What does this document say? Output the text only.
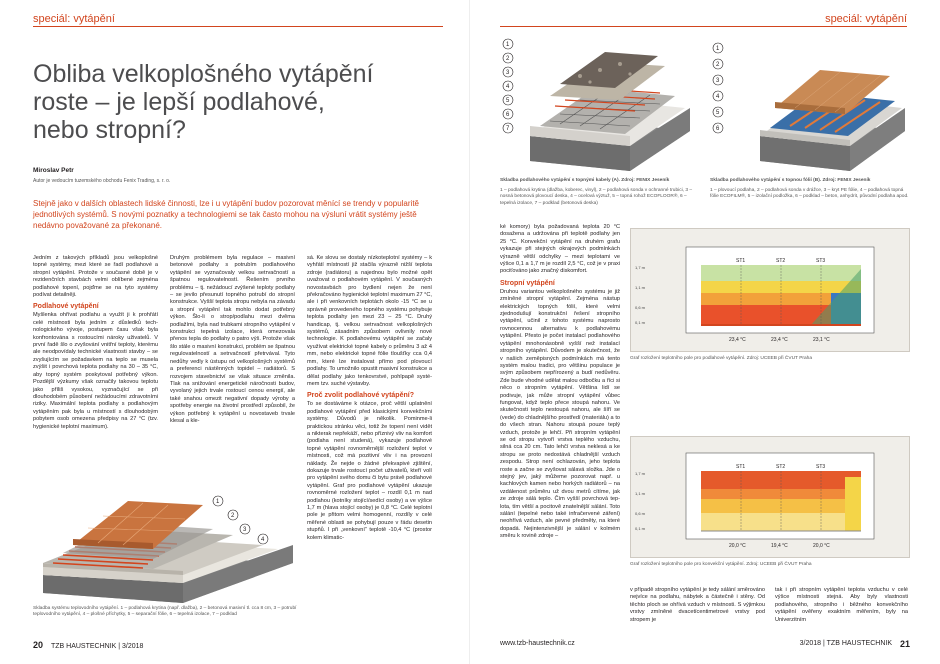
speciál: vytápění
Obliba velkoplošného vytápění
roste – je lepší podlahové,
nebo stropní?
Miroslav Petr
Autor je vedoucím tuzemského obchodu Fenix Trading, s. r. o.
Stejně jako v dalších oblastech lidské činnosti, lze i u vytápění budov pozorovat měnící se trendy v popularitě jednotlivých systémů. S novými poznatky a technologiemi se tak často mohou na výsluní vrátit systémy ještě nedávno považované za překonané.

Jedním z takových příkladů jsou velkoplošné topné systémy, mezi které se řadí podlahové a stropní vytápění. Protože v současné době je v rezidenčních stavbách velmi oblíbené zejména podlahové topení, pojďme se na tyto systémy podívat detailněji.

Podlahové vytápění

Myšlenka ohřívat podlahu a využít ji k prohřátí celé místnosti byla jedním z důsledků technologického vývoje, postupem času však byla konfrontována s rostoucími nároky uživatelů. V první řadě šlo o zvyšování vnitřní teploty, kterému ale neodpovídaly technické vlastnosti stavby – se zvyšujícím se požadavkem na teplo se musela zvýšit i povrchová teplota podlahy na 30 – 35 °C, aby topný systém poskytoval potřebný výkon. Pozdější výzkumy však označily takovou teplotu jako příliš vysokou, vyznačující se při dlouhodobém působení nežádoucími zdravotními riziky. Maximální teplota podlahy s podlahovým vytápěním pak byla u místností s dlouhodobým pobytem osob omezena předpisy na 27 °C (tzv. hygienické teplotní maximum).

Druhým problémem byla regulace – masivní betonové podlahy s potrubím podlahového vytápění se vyznačovaly velkou setrvačností a špatnou regulovatelností. Řešením prvního problému – tj. nežádoucí zvýšené teploty podlahy – se jevilo přesunutí topného potrubí do stropní konstrukce. Vyšší teplota stropu nebyla na závadu a stropní vytápění tak mohlo dodat potřebný výkon. Šlo-li o strop/podlahu mezi dvěma podlažími, byla nad trubkami stropního vytápění v konstrukci tepelná izolace, která omezovala přenos tepla do podlahy o patro výš. Protože však šlo stále o masivní konstrukci, problém se špatnou regulovatelností a setrvačností přetrvával. Tyto nedůhy vedly k ústupu od velkoplošných systémů a preferenci nástěnných topidel – radiátorů. S rozvojem stavebnictví se však situace změnila. Tlak na snižování energetické náročnosti budov, vyvolaný jejich trvale rostoucí cenou energií, ale také snahou omezit negativní dopady výroby a spotřeby energie na životní prostředí způsobil, že výkon potřebný k vytápění u novostaveb trvale klesal a kle-

sá. Ke slovu se dostaly nízkoteplotní systémy – k vyhřátí místností již stačila výrazně nižší teplota zdroje (radiátoru) a najednou bylo možné opět uvažovat o podlahovém vytápění. V současných novostavbách pro bydlení nejen že není překračováno hygienické teplotní maximum 27 °C, ale i při venkovních teplotách okolo -15 °C se u správně provedeného topného systému pohybuje teplota podlahy jen mezi 23 – 25 °C. Druhý handicap, tj. velkou setrvačnost velkoplošných systémů, zásadním způsobem ovlivnily nové technologie. K podlahovému vytápění se začaly využívat elektrické topné kabely o průměru 3 až 4 mm, nebo elektrické topné fólie tloušťky cca 0,4 mm, které lze instalovat přímo pod plovoucí podlahy. To umožnilo opustit masivní konstrukce a dělat podlahy jako tenkovrstvé, pohlpapě systémem tzv. suché výstavby.

Proč zvolit podlahové vytápění?

To se dostáváme k otázce, proč větší uplatnění podlahové vytápění před klasickými konvekčními systémy. Důvodů je několik. Pominme-li praktickou stránku věci, totiž že topení není vidět a nikterak nepřekáží, nebo příznivý vliv na komfort (podlaha není studená), vykazuje podlahové topné vytápění rovnoměrnější rozložení teplot v místnosti, což má pozitivní vliv i na provozní náklady. Že nejde o žádné překvapivé zjištění, dokazuje trvale rostoucí počet uživatelů, kteří volí pro vytápění svého domu či bytu právě podlahové vytápění. Graf pro podlahové vytápění ukazuje rovnoměrné rozložení teplot – rozdíl 0,1 m nad podlahou (kotníky stojící/sedící osoby) a ve výšce 1,7 m (hlava stojící osoby) je 0,8 °C. Celé teplotní pole je přitom velmi homogenní, rozdíly v celé měřené oblasti se pohybují pouze v řádu desetin stupňů. I při „venkovní“ teplotě -10,4 °C (prostor kolem klimatic-

1
2
3
4
Skladba systému teplovodního vytápění. 1 – podlahová krytina (např. dlažba), 2 – betonová masivní tl. cca 8 cm, 3 – potrubí teplovodního vytápění, 4 – plošné příchytky, 5 – separační fólie, 6 – tepelná izolace, 7 – podklad
20 TZB HAUSTECHNIK | 3/2018
speciál: vytápění
1
2
3
4
5
6
7
Skladba podlahového vytápění s topnými kabely (A). Zdroj: FENIX Jeseník
1 – podlahová krytina (dlažba, koberec, vinyl), 2 – podlahová sonda v ochranné trubici, 3 – nosná betonová plovoucí deska, 4 – ocelová výztuž, 5 – topná rohož ECOFLOOR®, 6 – tepelná izolace, 7 – podklad (betonová deska)
1
2
3
4
5
6
Skladba podlahového vytápění s topnou fólií (B). Zdroj: FENIX Jeseník
1 – plovoucí podlaha, 2 – podlahová sonda v drážce, 3 – kryt PE fólie, 4 – podlahová topná fólie ECOFILM®, 5 – izolační podložka, 6 – podklad – beton, anhydrit, původní podlaha apod.

ké komory) byla požadovaná teplota 20 °C dosažena a udržována při teplotě podlahy jen 25 °C. Konvekční vytápění na druhém grafu vykazuje při stejných okrajových podmínkách výrazně větší odchylky – mezi teplotami ve výšce 0,1 a 1,7 m je rozdíl 2,5 °C, což je v praxi pociťováno jako značný diskomfort.

Stropní vytápění

Druhou variantou velkoplošného systému je již zmíněné stropní vytápění. Zejména nástup elektrických topných fólií, které velmi zjednodušují konstrukční řešení stropního vytápění, učinil z tohoto systému naprosto rovnocennou alternativu k podlahovému vytápění. Přesto je počet instalací podlahového vytápění mnohonásobně vyšší než instalací stropního vytápění. Důvodem je skutečnost, že v našich zeměpisných podmínkách má tento systém malou tradici, pro většinu populace je svým způsobem nepřírozený a budí nedůvěru. Zde bude vhodné udělat malou odbočku a říci si něco o stropním vytápění. Většina lidí se podivuje, jak může stropní vytápění vůbec fungovat, když teplo přece stoupá nahoru. Ve skutečnosti teplo nestoupá nahoru, ale šíří se (vede) do chladnějšího prostředí (materiálu) a to do všech stran. Nahoru stoupá pouze teplý vzduch, protože je lehčí. Při stropním vytápění se od stropu vytvoří vrstva teplého vzduchu, silná cca 20 cm. Tato lehčí vrstva neklesá a ke stropu se proto nedostává chladnější vzduch zespodu. Strop není ochlazován, jeho teplota roste a začne se zvyšovat sálavá složka. Jde o stejný jev, jaký můžeme pozorovat např. u kachlových kamen nebo horkých radiátorů – na vzdálenost průměru už dvou metrů cítíme, jak ze zdroje sálá teplo. Čím vyšší povrchová teplota, tím větší a pocitově znatelnější sálání. Toto sálání (tepelné nebo také infračervené záření) neohřívá vzduch, ale pevné předměty, na které dopadá. Nejintenzivnější je sálání v kolmém směru k rovině zdroje –

ST1	ST2	ST3
23,4 °C	23,4 °C	23,1 °C
1,7 m
1,1 m
0,6 m
0,1 m
Graf rozložení teplotního pole pro podlahové vytápění. Zdroj: UCEEB při ČVUT Praha
ST1	ST2	ST3
20,0 °C	19,4 °C	20,0 °C
1,7 m
1,1 m
0,6 m
0,1 m
Graf rozložení teplotního pole pro konvekční vytápění. Zdroj: UCEEB při ČVUT Praha

v případě stropního vytápění je tedy sálání směrováno nejvíce na podlahu, nábytek a částečně i stěny. Od těchto ploch se ohřívá vzduch v místnosti. S výjimkou vrstvy zmíněné dvacetícentimetrové vrstvy pod stropem je

tak i při stropním vytápění teplota vzduchu v celé výšce místnosti stejná. Aby byly vlastnosti podlahového, stropního i běžného konvekčního vytápění ověřeny exaktním měřením, byly na Univerzitním

www.tzb-haustechnik.cz	3/2018 | TZB HAUSTECHNIK 21
